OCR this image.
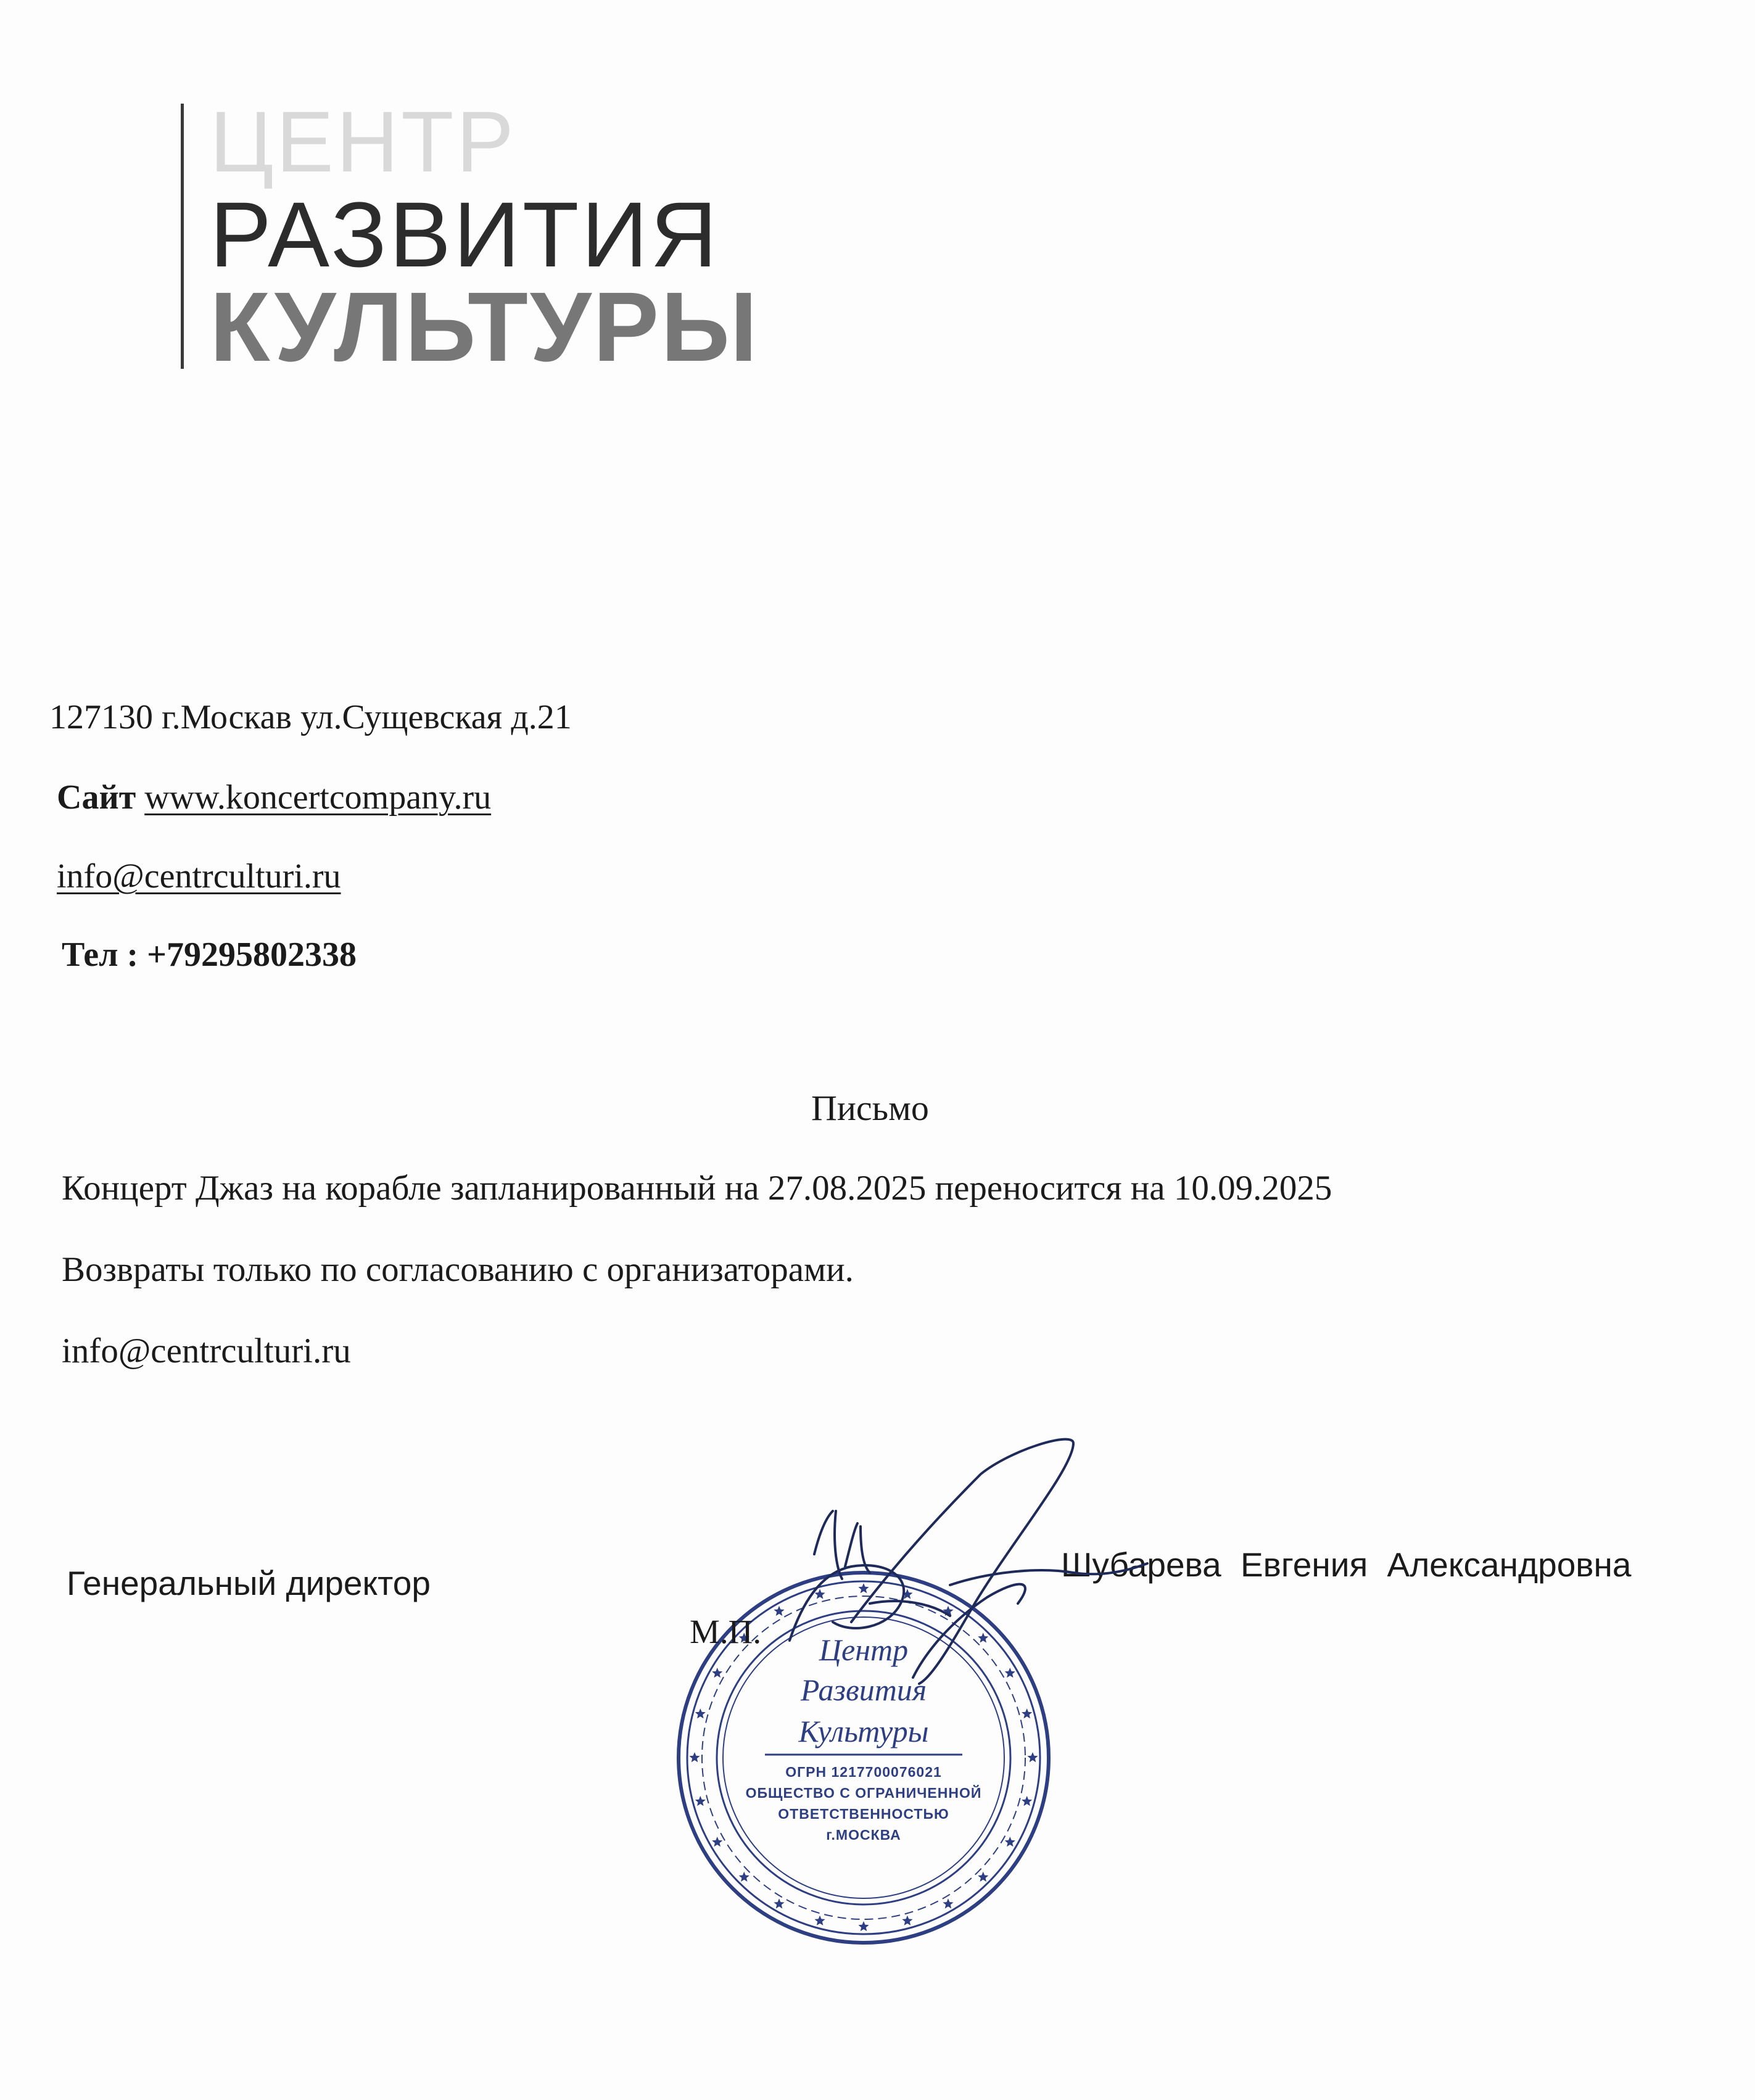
ЦЕНТР

РАЗВИТИЯ

КУЛЬТУРЫ

127130 г.Москав ул.Сущевская д.21

Сайт www.koncertcompany.ru

info@centrculturi.ru

Тел : +79295802338

Письмо

Концерт Джаз на корабле запланированный на 27.08.2025 переносится на 10.09.2025

Возвраты только по согласованию с организаторами.

info@centrculturi.ru

Генеральный директор	Шубарева Евгения Александровна

Центр

Развития

Культуры

ОГРН 1217700076021

ОБЩЕСТВО С ОГРАНИЧЕННОЙ

ОТВЕТСТВЕННОСТЬЮ

г.МОСКВА

М.П.
